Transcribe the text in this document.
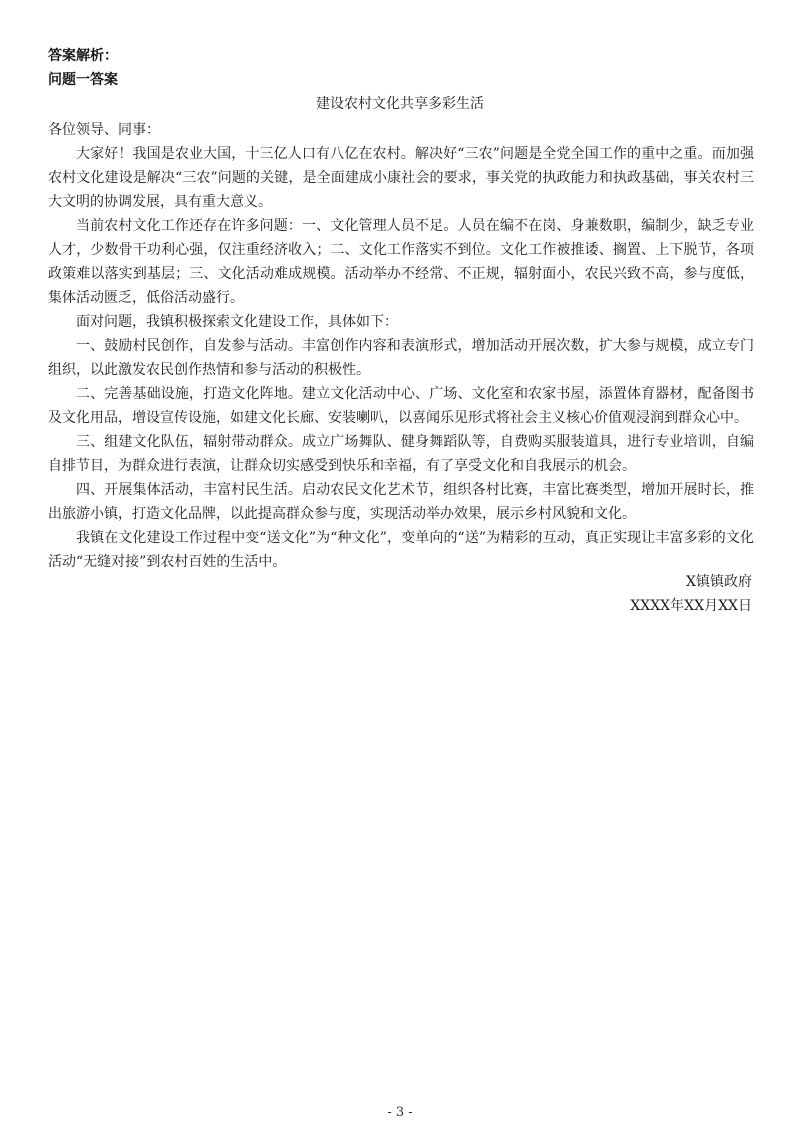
答案解析：
问题一答案
建设农村文化共享多彩生活

各位领导、同事：

大家好！我国是农业大国，十三亿人口有八亿在农村。解决好“三农”问题是全党全国工作的重中之重。而加强农村文化建设是解决“三农”问题的关键，是全面建成小康社会的要求，事关党的执政能力和执政基础，事关农村三大文明的协调发展，具有重大意义。

当前农村文化工作还存在许多问题：一、文化管理人员不足。人员在编不在岗、身兼数职，编制少，缺乏专业人才，少数骨干功利心强，仅注重经济收入；二、文化工作落实不到位。文化工作被推诿、搁置、上下脱节，各项政策难以落实到基层；三、文化活动难成规模。活动举办不经常、不正规，辐射面小，农民兴致不高，参与度低，集体活动匮乏，低俗活动盛行。

面对问题，我镇积极探索文化建设工作，具体如下：

一、鼓励村民创作，自发参与活动。丰富创作内容和表演形式，增加活动开展次数，扩大参与规模，成立专门组织，以此激发农民创作热情和参与活动的积极性。

二、完善基础设施，打造文化阵地。建立文化活动中心、广场、文化室和农家书屋，添置体育器材，配备图书及文化用品，增设宣传设施，如建文化长廊、安装喇叭，以喜闻乐见形式将社会主义核心价值观浸润到群众心中。

三、组建文化队伍，辐射带动群众。成立广场舞队、健身舞蹈队等，自费购买服装道具，进行专业培训，自编自排节目，为群众进行表演，让群众切实感受到快乐和幸福，有了享受文化和自我展示的机会。

四、开展集体活动，丰富村民生活。启动农民文化艺术节，组织各村比赛，丰富比赛类型，增加开展时长，推出旅游小镇，打造文化品牌，以此提高群众参与度，实现活动举办效果，展示乡村风貌和文化。

我镇在文化建设工作过程中变“送文化”为“种文化”，变单向的“送”为精彩的互动，真正实现让丰富多彩的文化活动“无缝对接”到农村百姓的生活中。

X镇镇政府
XXXX年XX月XX日
- 3 -
